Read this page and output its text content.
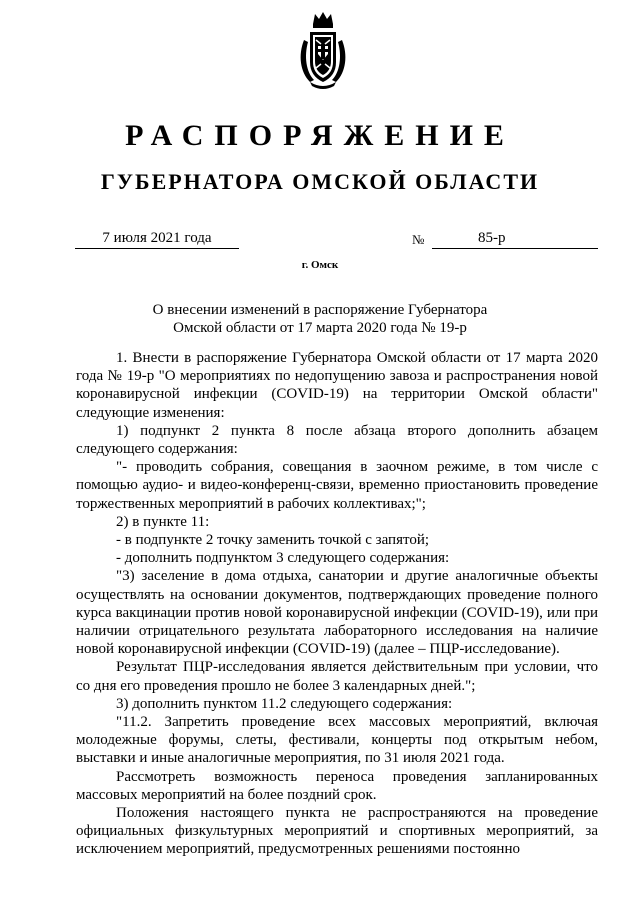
РАСПОРЯЖЕНИЕ
ГУБЕРНАТОРА ОМСКОЙ ОБЛАСТИ
7 июля 2021 года	№	85-р
г. Омск
О внесении изменений в распоряжение Губернатора
Омской области от 17 марта 2020 года № 19-р

1. Внести в распоряжение Губернатора Омской области от 17 марта 2020 года № 19-р "О мероприятиях по недопущению завоза и распространения новой коронавирусной инфекции (COVID-19) на территории Омской области" следующие изменения:

1) подпункт 2 пункта 8 после абзаца второго дополнить абзацем следующего содержания:

"- проводить собрания, совещания в заочном режиме, в том числе с помощью аудио- и видео-конференц-связи, временно приостановить проведение торжественных мероприятий в рабочих коллективах;";

2) в пункте 11:

- в подпункте 2 точку заменить точкой с запятой;

- дополнить подпунктом 3 следующего содержания:

"3) заселение в дома отдыха, санатории и другие аналогичные объекты осуществлять на основании документов, подтверждающих проведение полного курса вакцинации против новой коронавирусной инфекции (COVID-19), или при наличии отрицательного результата лабораторного исследования на наличие новой коронавирусной инфекции (COVID-19) (далее – ПЦР-исследование).

Результат ПЦР-исследования является действительным при условии, что со дня его проведения прошло не более 3 календарных дней.";

3) дополнить пунктом 11.2 следующего содержания:

"11.2. Запретить проведение всех массовых мероприятий, включая молодежные форумы, слеты, фестивали, концерты под открытым небом, выставки и иные аналогичные мероприятия, по 31 июля 2021 года.

Рассмотреть возможность переноса проведения запланированных массовых мероприятий на более поздний срок.

Положения настоящего пункта не распространяются на проведение официальных физкультурных мероприятий и спортивных мероприятий, за исключением мероприятий, предусмотренных решениями постоянно
